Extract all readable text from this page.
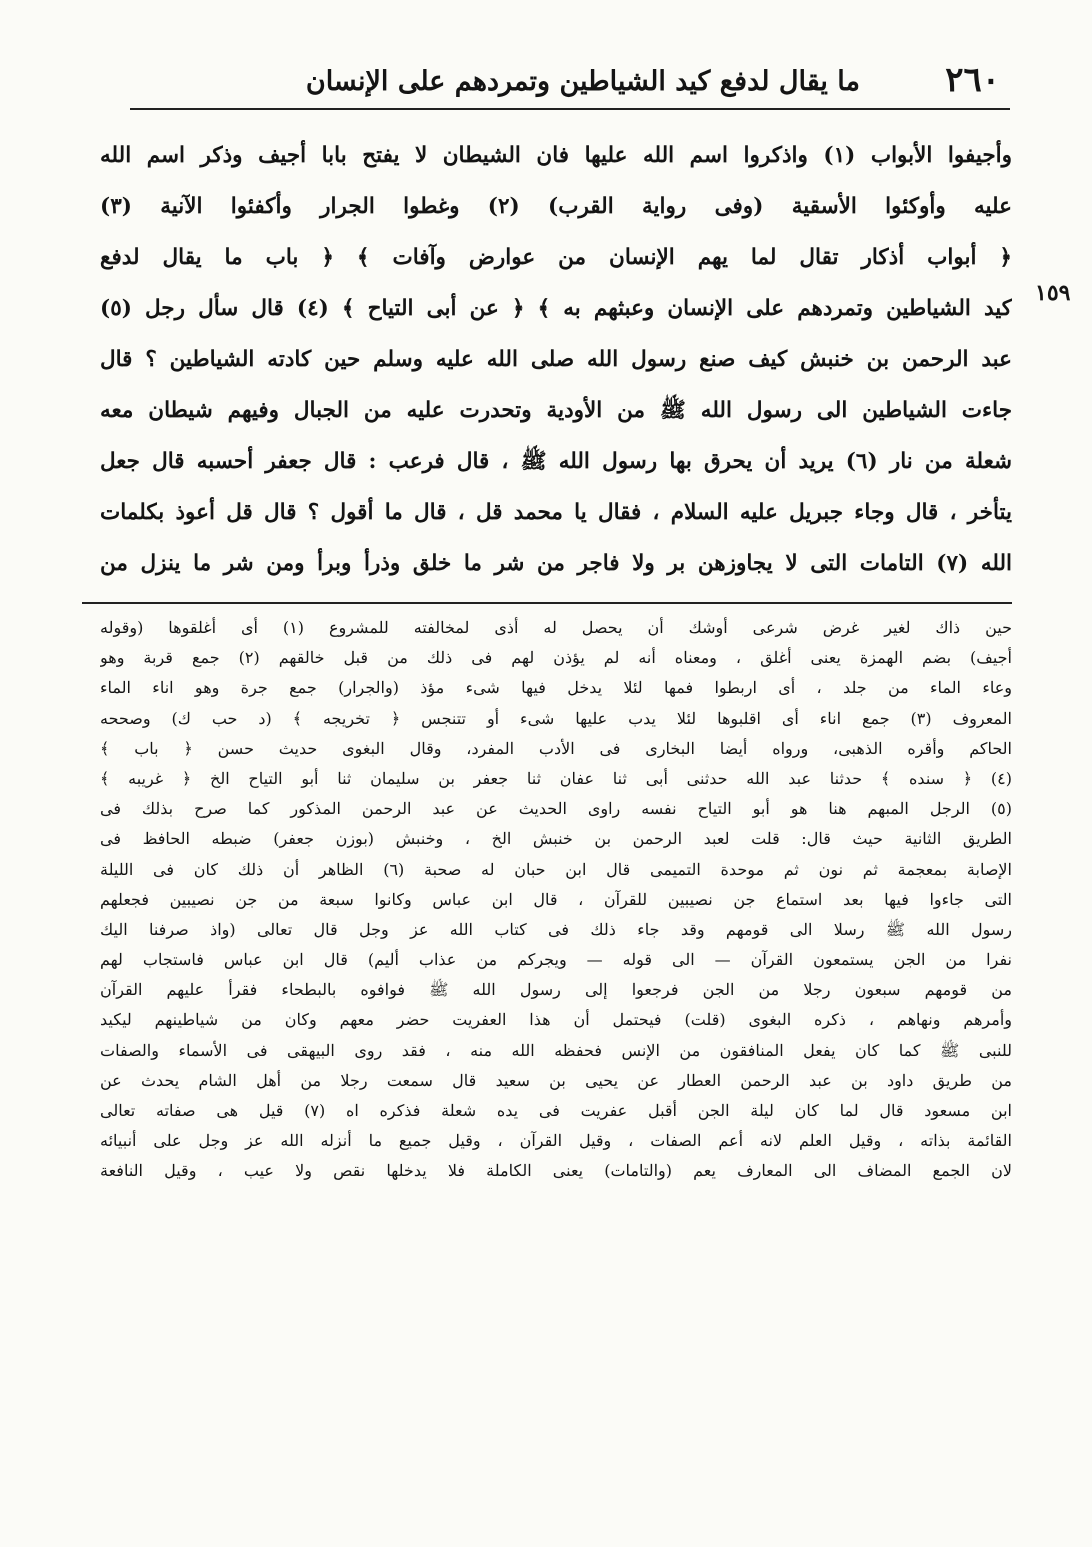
٢٦٠
ما يقال لدفع كيد الشياطين وتمردهم على الإنسان
١٥٩
وأجيفوا الأبواب (١) واذكروا اسم الله عليها فان الشيطان لا يفتح بابا أجيف وذكر اسم الله
عليه وأوكئوا الأسقية (وفى رواية القرب) (٢) وغطوا الجرار وأكفئوا الآنية (٣)
﴿ أبواب أذكار تقال لما يهم الإنسان من عوارض وآفات ﴾ ﴿ باب ما يقال لدفع
كيد الشياطين وتمردهم على الإنسان وعبثهم به ﴾ ﴿ عن أبى التياح ﴾ (٤) قال سأل رجل (٥)
عبد الرحمن بن خنبش كيف صنع رسول الله صلى الله عليه وسلم حين كادته الشياطين ؟ قال
جاءت الشياطين الى رسول الله ﷺ من الأودية وتحدرت عليه من الجبال وفيهم شيطان معه
شعلة من نار (٦) يريد أن يحرق بها رسول الله ﷺ ، قال فرعب : قال جعفر أحسبه قال جعل
يتأخر ، قال وجاء جبريل عليه السلام ، فقال يا محمد قل ، قال ما أقول ؟ قال قل أعوذ بكلمات
الله (٧) التامات التى لا يجاوزهن بر ولا فاجر من شر ما خلق وذرأ وبرأ ومن شر ما ينزل من
حين ذاك لغير غرض شرعى أوشك أن يحصل له أذى لمخالفته للمشروع (١) أى أغلقوها (وقوله
أجيف) بضم الهمزة يعنى أغلق ، ومعناه أنه لم يؤذن لهم فى ذلك من قبل خالقهم (٢) جمع قربة وهو
وعاء الماء من جلد ، أى اربطوا فمها لئلا يدخل فيها شىء مؤذ (والجرار) جمع جرة وهو اناء الماء
المعروف (٣) جمع اناء أى اقلبوها لئلا يدب عليها شىء أو تتنجس ﴿ تخريجه ﴾ (د حب ك) وصححه
الحاكم وأقره الذهبى، ورواه أيضا البخارى فى الأدب المفرد، وقال البغوى حديث حسن ﴿ باب ﴾
(٤) ﴿ سنده ﴾ حدثنا عبد الله حدثنى أبى ثنا عفان ثنا جعفر بن سليمان ثنا أبو التياح الخ ﴿ غريبه ﴾
(٥) الرجل المبهم هنا هو أبو التياح نفسه راوى الحديث عن عبد الرحمن المذكور كما صرح بذلك فى
الطريق الثانية حيث قال: قلت لعبد الرحمن بن خنبش الخ ، وخنبش (بوزن جعفر) ضبطه الحافظ فى
الإصابة بمعجمة ثم نون ثم موحدة التميمى قال ابن حبان له صحبة (٦) الظاهر أن ذلك كان فى الليلة
التى جاءوا فيها بعد استماع جن نصيبين للقرآن ، قال ابن عباس وكانوا سبعة من جن نصيبين فجعلهم
رسول الله ﷺ رسلا الى قومهم وقد جاء ذلك فى كتاب الله عز وجل قال تعالى (واذ صرفنا اليك
نفرا من الجن يستمعون القرآن — الى قوله — ويجركم من عذاب أليم) قال ابن عباس فاستجاب لهم
من قومهم سبعون رجلا من الجن فرجعوا إلى رسول الله ﷺ فوافوه بالبطحاء فقرأ عليهم القرآن
وأمرهم ونهاهم ، ذكره البغوى (قلت) فيحتمل أن هذا العفريت حضر معهم وكان من شياطينهم ليكيد
للنبى ﷺ كما كان يفعل المنافقون من الإنس فحفظه الله منه ، فقد روى البيهقى فى الأسماء والصفات
من طريق داود بن عبد الرحمن العطار عن يحيى بن سعيد قال سمعت رجلا من أهل الشام يحدث عن
ابن مسعود قال لما كان ليلة الجن أقبل عفريت فى يده شعلة فذكره اه (٧) قيل هى صفاته تعالى
القائمة بذاته ، وقيل العلم لانه أعم الصفات ، وقيل القرآن ، وقيل جميع ما أنزله الله عز وجل على أنبيائه
لان الجمع المضاف الى المعارف يعم (والتامات) يعنى الكاملة فلا يدخلها نقص ولا عيب ، وقيل النافعة
